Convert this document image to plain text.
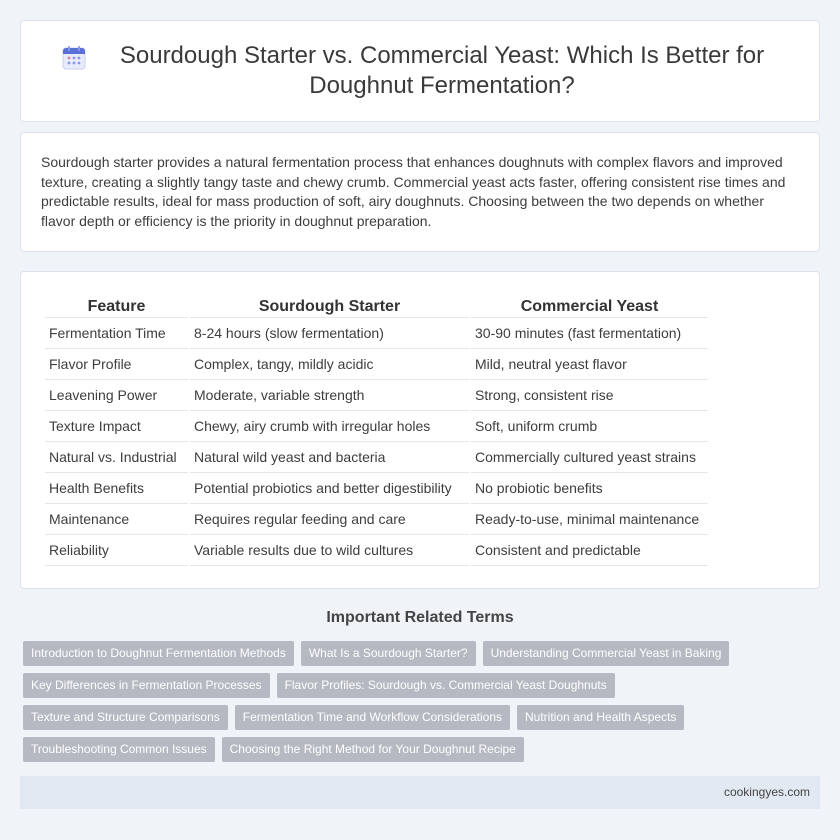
Sourdough Starter vs. Commercial Yeast: Which Is Better for Doughnut Fermentation?

Sourdough starter provides a natural fermentation process that enhances doughnuts with complex flavors and improved texture, creating a slightly tangy taste and chewy crumb. Commercial yeast acts faster, offering consistent rise times and predictable results, ideal for mass production of soft, airy doughnuts. Choosing between the two depends on whether flavor depth or efficiency is the priority in doughnut preparation.

Feature	Sourdough Starter	Commercial Yeast
Fermentation Time	8-24 hours (slow fermentation)	30-90 minutes (fast fermentation)
Flavor Profile	Complex, tangy, mildly acidic	Mild, neutral yeast flavor
Leavening Power	Moderate, variable strength	Strong, consistent rise
Texture Impact	Chewy, airy crumb with irregular holes	Soft, uniform crumb
Natural vs. Industrial	Natural wild yeast and bacteria	Commercially cultured yeast strains
Health Benefits	Potential probiotics and better digestibility	No probiotic benefits
Maintenance	Requires regular feeding and care	Ready-to-use, minimal maintenance
Reliability	Variable results due to wild cultures	Consistent and predictable
Important Related Terms
Introduction to Doughnut Fermentation Methods	What Is a Sourdough Starter?	Understanding Commercial Yeast in Baking
Key Differences in Fermentation Processes	Flavor Profiles: Sourdough vs. Commercial Yeast Doughnuts
Texture and Structure Comparisons	Fermentation Time and Workflow Considerations	Nutrition and Health Aspects
Troubleshooting Common Issues	Choosing the Right Method for Your Doughnut Recipe
cookingyes.com
